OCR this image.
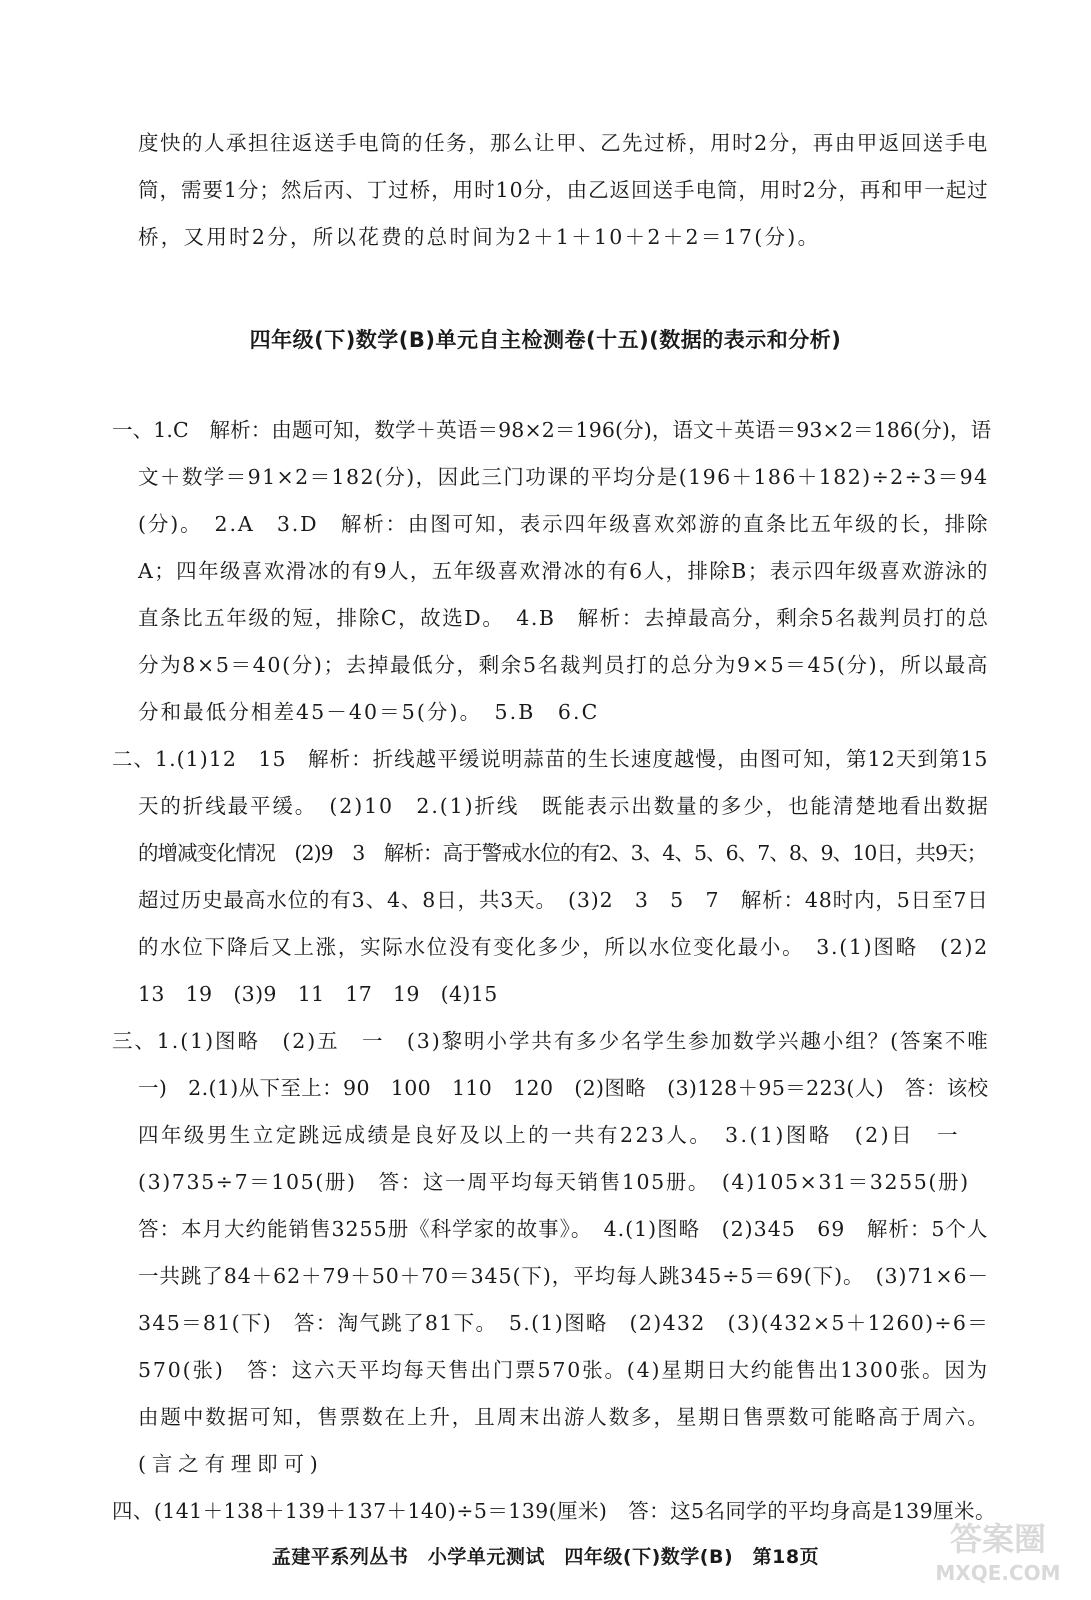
度快的人承担往返送手电筒的任务，那么让甲、乙先过桥，用时2分，再由甲返回送手电
筒，需要1分；然后丙、丁过桥，用时10分，由乙返回送手电筒，用时2分，再和甲一起过
桥，又用时2分，所以花费的总时间为2＋1＋10＋2＋2＝17(分)。
四年级(下)数学(B)单元自主检测卷(十五)(数据的表示和分析)
一、1.C　解析：由题可知，数学＋英语＝98×2＝196(分)，语文＋英语＝93×2＝186(分)，语
文＋数学＝91×2＝182(分)，因此三门功课的平均分是(196＋186＋182)÷2÷3＝94
(分)。　2.A　3.D　解析：由图可知，表示四年级喜欢郊游的直条比五年级的长，排除
A；四年级喜欢滑冰的有9人，五年级喜欢滑冰的有6人，排除B；表示四年级喜欢游泳的
直条比五年级的短，排除C，故选D。　4.B　解析：去掉最高分，剩余5名裁判员打的总
分为8×5＝40(分)；去掉最低分，剩余5名裁判员打的总分为9×5＝45(分)，所以最高
分和最低分相差45－40＝5(分)。　5.B　6.C
二、1.(1)12　15　解析：折线越平缓说明蒜苗的生长速度越慢，由图可知，第12天到第15
天的折线最平缓。　(2)10　2.(1)折线　既能表示出数量的多少，也能清楚地看出数据
的增减变化情况　(2)9　3　解析：高于警戒水位的有2、3、4、5、6、7、8、9、10日，共9天；
超过历史最高水位的有3、4、8日，共3天。　(3)2　3　5　7　解析：48时内，5日至7日
的水位下降后又上涨，实际水位没有变化多少，所以水位变化最小。　3.(1)图略　(2)2
13　19　(3)9　11　17　19　(4)15
三、1.(1)图略　(2)五　一　(3)黎明小学共有多少名学生参加数学兴趣小组？(答案不唯
一)　2.(1)从下至上：90　100　110　120　(2)图略　(3)128＋95＝223(人)　答：该校
四年级男生立定跳远成绩是良好及以上的一共有223人。　3.(1)图略　(2)日　一
(3)735÷7＝105(册)　答：这一周平均每天销售105册。　(4)105×31＝3255(册)
答：本月大约能销售3255册《科学家的故事》。　4.(1)图略　(2)345　69　解析：5个人
一共跳了84＋62＋79＋50＋70＝345(下)，平均每人跳345÷5＝69(下)。　(3)71×6－
345＝81(下)　答：淘气跳了81下。　5.(1)图略　(2)432　(3)(432×5＋1260)÷6＝
570(张)　答：这六天平均每天售出门票570张。(4)星期日大约能售出1300张。因为
由题中数据可知，售票数在上升，且周末出游人数多，星期日售票数可能略高于周六。
(言之有理即可)
四、(141＋138＋139＋137＋140)÷5＝139(厘米)　答：这5名同学的平均身高是139厘米。
孟建平系列丛书　小学单元测试　四年级(下)数学(B)　第18页	答案圈
MXQE.COM
